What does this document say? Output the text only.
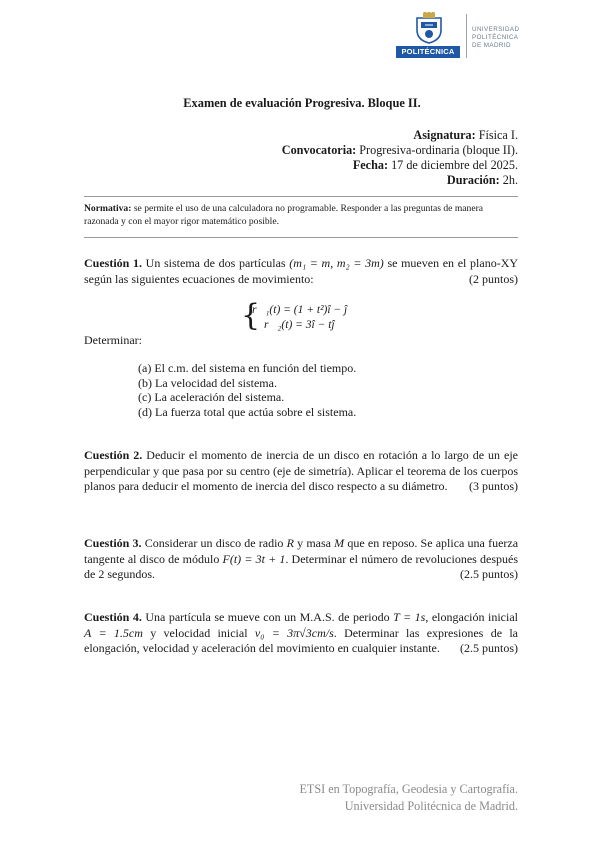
POLITÉCNICA
UNIVERSIDAD
POLITÉCNICA
DE MADRID
Examen de evaluación Progresiva. Bloque II.
Asignatura: Física I.
Convocatoria: Progresiva-ordinaria (bloque II).
Fecha: 17 de diciembre del 2025.
Duración: 2h.
Normativa: se permite el uso de una calculadora no programable. Responder a las preguntas de manera razonada y con el mayor rigor matemático posible.
Cuestión 1. Un sistema de dos partículas (m₁ = m, m₂ = 3m) se mueven en el plano-XY según las siguientes ecuaciones de movimiento:	(2 puntos)
{
r⃗₁(t) = (1 + t²)î − ĵ
r⃗₂(t) = 3î − tĵ
Determinar:
(a) El c.m. del sistema en función del tiempo.
(b) La velocidad del sistema.
(c) La aceleración del sistema.
(d) La fuerza total que actúa sobre el sistema.
Cuestión 2. Deducir el momento de inercia de un disco en rotación a lo largo de un eje perpendicular y que pasa por su centro (eje de simetría). Aplicar el teorema de los cuerpos planos para deducir el momento de inercia del disco respecto a su diámetro. (3 puntos)
Cuestión 3. Considerar un disco de radio R y masa M que en reposo. Se aplica una fuerza tangente al disco de módulo F(t) = 3t + 1. Determinar el número de revoluciones después de 2 segundos.	(2.5 puntos)
Cuestión 4. Una partícula se mueve con un M.A.S. de periodo T = 1s, elongación inicial A = 1.5cm y velocidad inicial v₀ = 3π√3cm/s. Determinar las expresiones de la elongación, velocidad y aceleración del movimiento en cualquier instante. (2.5 puntos)
ETSI en Topografía, Geodesia y Cartografía.
Universidad Politécnica de Madrid.
